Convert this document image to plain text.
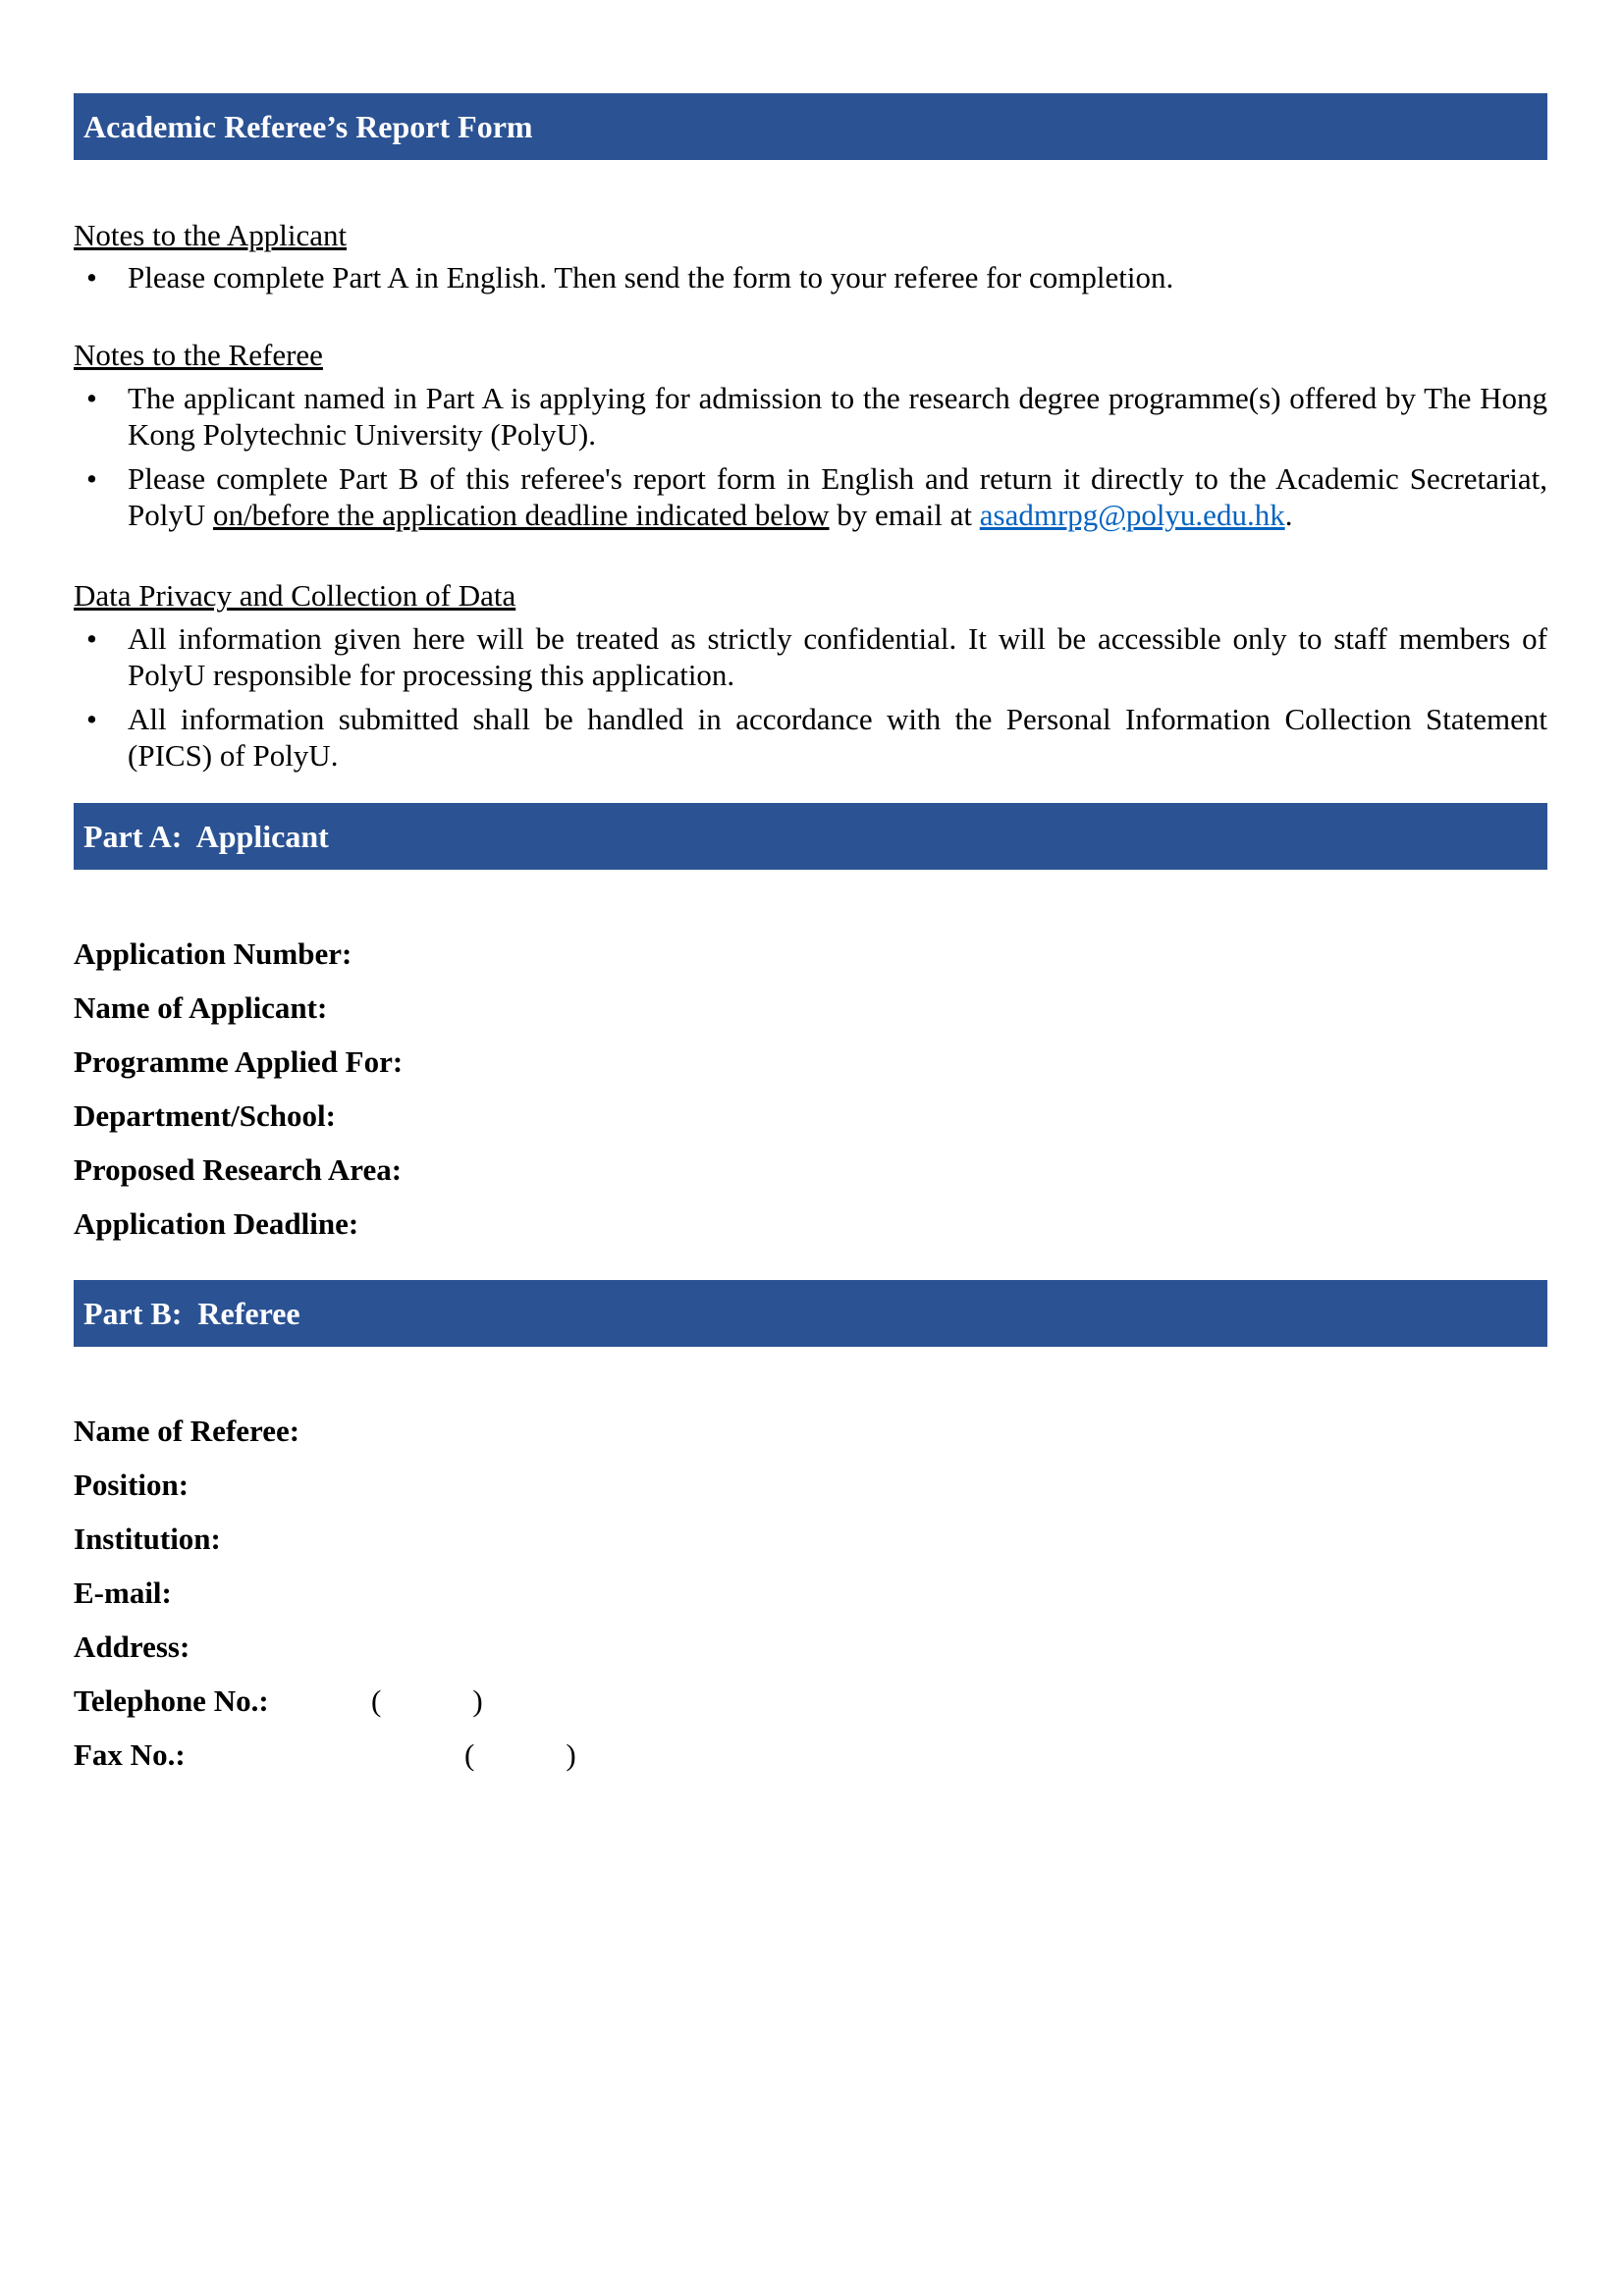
Academic Referee’s Report Form
Notes to the Applicant
•	Please complete Part A in English. Then send the form to your referee for completion.
Notes to the Referee
•	The applicant named in Part A is applying for admission to the research degree programme(s) offered by The Hong Kong Polytechnic University (PolyU).
•	Please complete Part B of this referee's report form in English and return it directly to the Academic Secretariat, PolyU on/before the application deadline indicated below by email at asadmrpg@polyu.edu.hk.
Data Privacy and Collection of Data
•	All information given here will be treated as strictly confidential. It will be accessible only to staff members of PolyU responsible for processing this application.
•	All information submitted shall be handled in accordance with the Personal Information Collection Statement (PICS) of PolyU.
Part A:  Applicant
Application Number:
Name of Applicant:
Programme Applied For:
Department/School:
Proposed Research Area:
Application Deadline:
Part B:  Referee
Name of Referee:
Position:
Institution:
E-mail:
Address:
Telephone No.:	(            )
Fax No.:	(            )
